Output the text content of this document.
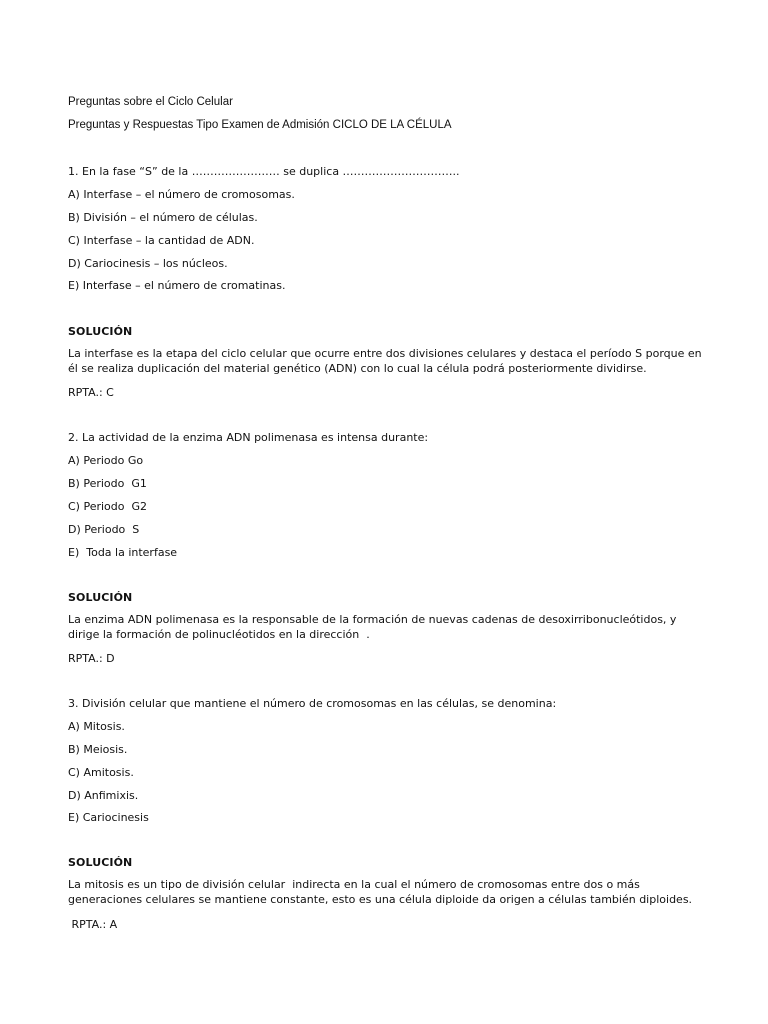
Preguntas sobre el Ciclo Celular
Preguntas y Respuestas Tipo Examen de Admisión CICLO DE LA CÉLULA
1. En la fase “S” de la …………………… se duplica …………………………..
A) Interfase – el número de cromosomas.
B) División – el número de células.
C) Interfase – la cantidad de ADN.
D) Cariocinesis – los núcleos.
E) Interfase – el número de cromatinas.
SOLUCIÓN
La interfase es la etapa del ciclo celular que ocurre entre dos divisiones celulares y destaca el período S porque en él se realiza duplicación del material genético (ADN) con lo cual la célula podrá posteriormente dividirse.
RPTA.: C
2. La actividad de la enzima ADN polimenasa es intensa durante:
A) Periodo Go
B) Periodo  G1
C) Periodo  G2
D) Periodo  S
E)  Toda la interfase
SOLUCIÓN
La enzima ADN polimenasa es la responsable de la formación de nuevas cadenas de desoxirribonucleótidos, y dirige la formación de polinucléotidos en la dirección  .
RPTA.: D
3. División celular que mantiene el número de cromosomas en las células, se denomina:
A) Mitosis.
B) Meiosis.
C) Amitosis.
D) Anfimixis.
E) Cariocinesis
SOLUCIÓN
La mitosis es un tipo de división celular  indirecta en la cual el número de cromosomas entre dos o más generaciones celulares se mantiene constante, esto es una célula diploide da origen a células también diploides.
RPTA.: A
